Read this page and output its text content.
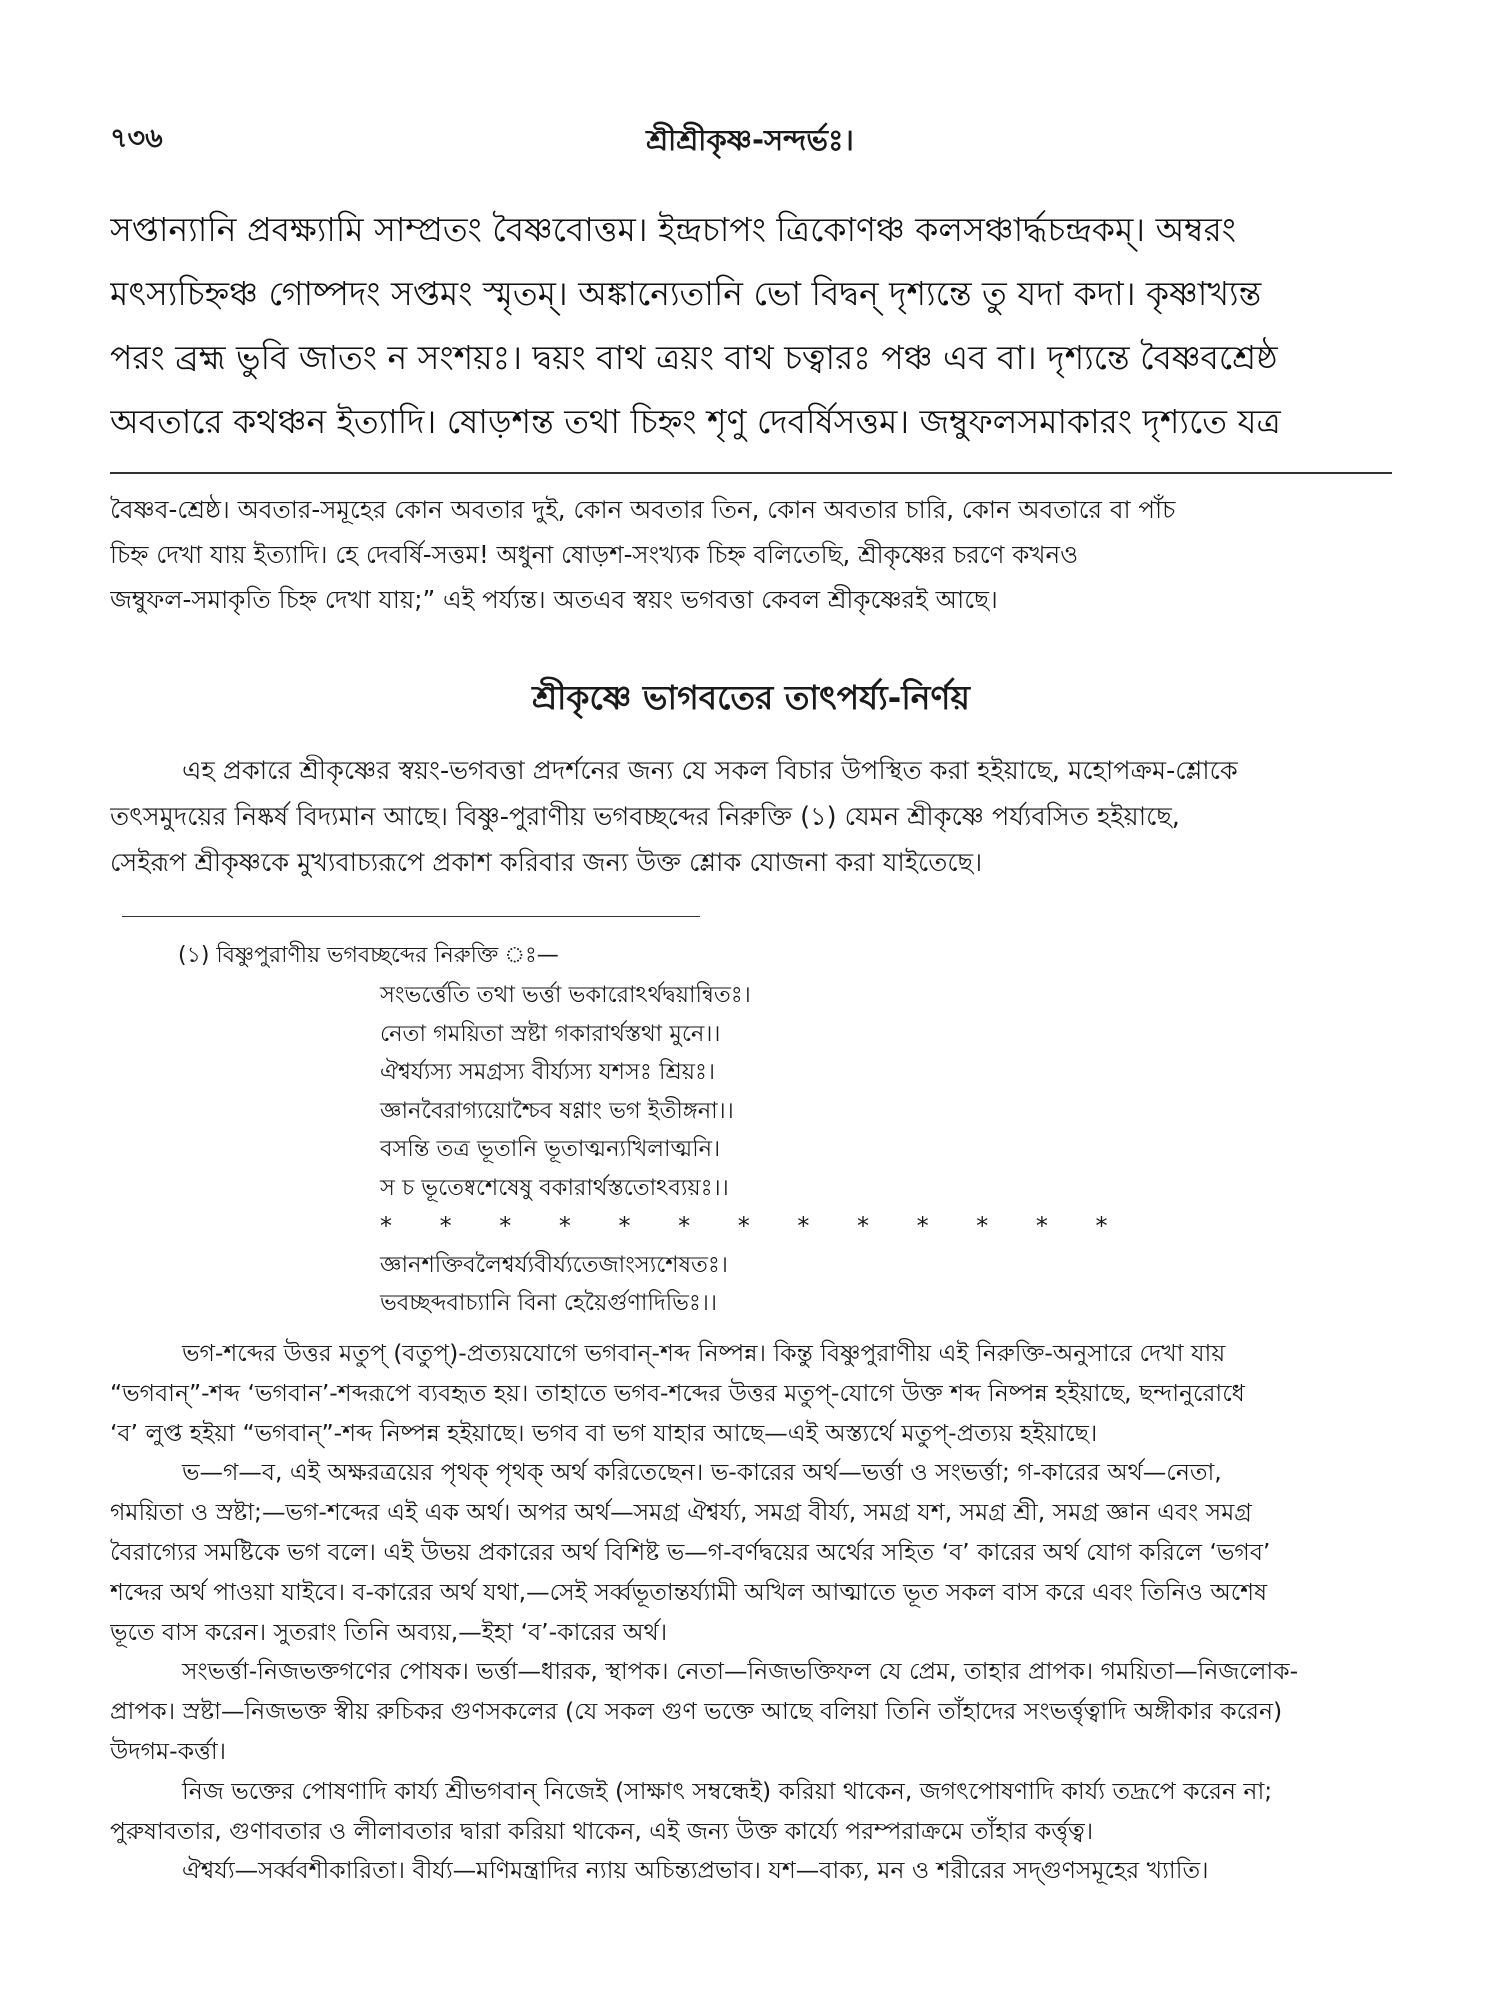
৭৩৬	শ্রীশ্রীকৃষ্ণ-সন্দর্ভঃ।
সপ্তান্যানি প্রবক্ষ্যামি সাম্প্রতং বৈষ্ণবোত্তম। ইন্দ্রচাপং ত্রিকোণঞ্চ কলসঞ্চার্দ্ধচন্দ্রকম্। অম্বরং
মৎস্যচিহ্নঞ্চ গোষ্পদং সপ্তমং স্মৃতম্। অঙ্কান্যেতানি ভো বিদ্বন্ দৃশ্যন্তে তু যদা কদা। কৃষ্ণাখ্যন্ত
পরং ব্রহ্ম ভুবি জাতং ন সংশয়ঃ। দ্বয়ং বাথ ত্রয়ং বাথ চত্বারঃ পঞ্চ এব বা। দৃশ্যন্তে বৈষ্ণবশ্রেষ্ঠ
অবতারে কথঞ্চন ইত্যাদি। ষোড়শন্ত তথা চিহ্নং শৃণু দেবর্ষিসত্তম। জম্বুফলসমাকারং দৃশ্যতে যত্র
বৈষ্ণব-শ্রেষ্ঠ। অবতার-সমূহের কোন অবতার দুই, কোন অবতার তিন, কোন অবতার চারি, কোন অবতারে বা পাঁচ
চিহ্ন দেখা যায় ইত্যাদি। হে দেবর্ষি-সত্তম! অধুনা ষোড়শ-সংখ্যক চিহ্ন বলিতেছি, শ্রীকৃষ্ণের চরণে কখনও
জম্বুফল-সমাকৃতি চিহ্ন দেখা যায়;” এই পর্য্যন্ত। অতএব স্বয়ং ভগবত্তা কেবল শ্রীকৃষ্ণেরই আছে।
শ্রীকৃষ্ণে ভাগবতের তাৎপর্য্য-নির্ণয়
এহ প্রকারে শ্রীকৃষ্ণের স্বয়ং-ভগবত্তা প্রদর্শনের জন্য যে সকল বিচার উপস্থিত করা হইয়াছে, মহোপক্রম-শ্লোকে
তৎসমুদয়ের নিষ্কর্ষ বিদ্যমান আছে। বিষ্ণু-পুরাণীয় ভগবচ্ছব্দের নিরুক্তি (১) যেমন শ্রীকৃষ্ণে পর্য্যবসিত হইয়াছে,
সেইরূপ শ্রীকৃষ্ণকে মুখ্যবাচ্যরূপে প্রকাশ করিবার জন্য উক্ত শ্লোক যোজনা করা যাইতেছে।
(১) বিষ্ণুপুরাণীয় ভগবচ্ছব্দের নিরুক্তি ঃ—
সংভর্ত্তেতি তথা ভর্ত্তা ভকারোঽর্থদ্বয়ান্বিতঃ।
নেতা গময়িতা স্রষ্টা গকারার্থস্তথা মুনে।।
ঐশ্বর্য্যস্য সমগ্রস্য বীর্য্যস্য যশসঃ শ্রিয়ঃ।
জ্ঞানবৈরাগ্যয়োশ্চৈব ষণ্ণাং ভগ ইতীঙ্গনা।।
বসন্তি তত্র ভূতানি ভূতাত্মন্যখিলাত্মনি।
স চ ভূতেষ্বশেষেষু বকারার্থস্ততোঽব্যয়ঃ।।
* * * * * * * * * * * * *
জ্ঞানশক্তিবলৈশ্বর্য্যবীর্য্যতেজাংস্যশেষতঃ।
ভবচ্ছব্দবাচ্যানি বিনা হেয়ৈর্গুণাদিভিঃ।।
ভগ-শব্দের উত্তর মতুপ্ (বতুপ্)-প্রত্যয়যোগে ভগবান্-শব্দ নিষ্পন্ন। কিন্তু বিষ্ণুপুরাণীয় এই নিরুক্তি-অনুসারে দেখা যায়
“ভগবান্”-শব্দ ‘ভগবান’-শব্দরূপে ব্যবহৃত হয়। তাহাতে ভগব-শব্দের উত্তর মতুপ্-যোগে উক্ত শব্দ নিষ্পন্ন হইয়াছে, ছন্দানুরোধে
‘ব’ লুপ্ত হইয়া “ভগবান্”-শব্দ নিষ্পন্ন হইয়াছে। ভগব বা ভগ যাহার আছে—এই অস্ত্যর্থে মতুপ্-প্রত্যয় হইয়াছে।
ভ—গ—ব, এই অক্ষরত্রয়ের পৃথক্ পৃথক্ অর্থ করিতেছেন। ভ-কারের অর্থ—ভর্ত্তা ও সংভর্ত্তা; গ-কারের অর্থ—নেতা,
গময়িতা ও স্রষ্টা;—ভগ-শব্দের এই এক অর্থ। অপর অর্থ—সমগ্র ঐশ্বর্য্য, সমগ্র বীর্য্য, সমগ্র যশ, সমগ্র শ্রী, সমগ্র জ্ঞান এবং সমগ্র
বৈরাগ্যের সমষ্টিকে ভগ বলে। এই উভয় প্রকারের অর্থ বিশিষ্ট ভ—গ-বর্ণদ্বয়ের অর্থের সহিত ‘ব’ কারের অর্থ যোগ করিলে ‘ভগব’
শব্দের অর্থ পাওয়া যাইবে। ব-কারের অর্থ যথা,—সেই সর্ব্বভূতান্তর্য্যামী অখিল আত্মাতে ভূত সকল বাস করে এবং তিনিও অশেষ
ভূতে বাস করেন। সুতরাং তিনি অব্যয়,—ইহা ‘ব’-কারের অর্থ।
সংভর্ত্তা-নিজভক্তগণের পোষক। ভর্ত্তা—ধারক, স্থাপক। নেতা—নিজভক্তিফল যে প্রেম, তাহার প্রাপক। গময়িতা—নিজলোক-
প্রাপক। স্রষ্টা—নিজভক্ত স্বীয় রুচিকর গুণসকলের (যে সকল গুণ ভক্তে আছে বলিয়া তিনি তাঁহাদের সংভর্ত্তৃত্বাদি অঙ্গীকার করেন)
উদগম-কর্ত্তা।
নিজ ভক্তের পোষণাদি কার্য্য শ্রীভগবান্ নিজেই (সাক্ষাৎ সম্বন্ধেই) করিয়া থাকেন, জগৎপোষণাদি কার্য্য তদ্রূপে করেন না;
পুরুষাবতার, গুণাবতার ও লীলাবতার দ্বারা করিয়া থাকেন, এই জন্য উক্ত কার্য্যে পরম্পরাক্রমে তাঁহার কর্ত্তৃত্ব।
ঐশ্বর্য্য—সর্ব্ববশীকারিতা। বীর্য্য—মণিমন্ত্রাদির ন্যায় অচিন্ত্যপ্রভাব। যশ—বাক্য, মন ও শরীরের সদ্গুণসমূহের খ্যাতি।
